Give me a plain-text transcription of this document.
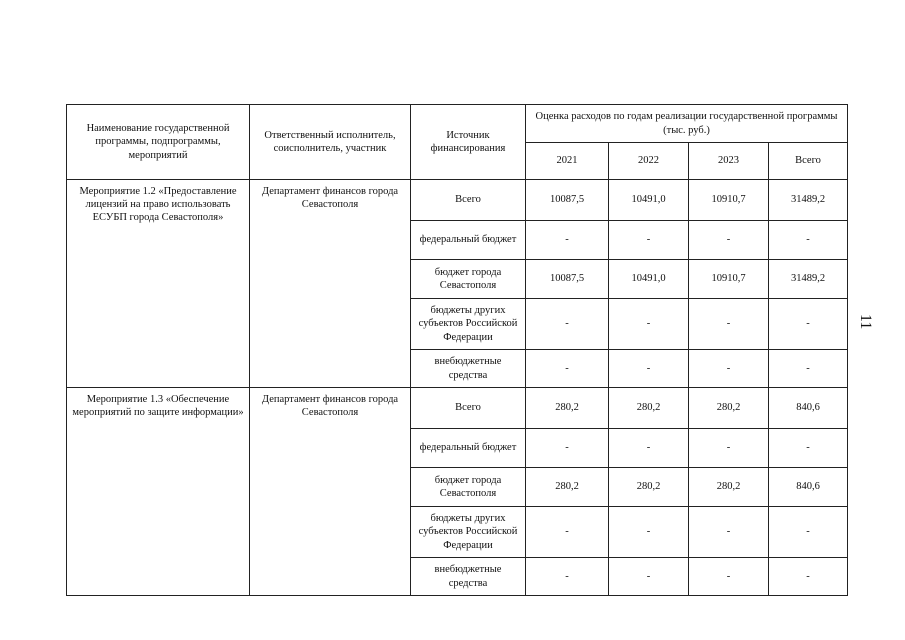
11
Наименование государственной программы, подпрограммы, мероприятий	Ответственный исполнитель, соисполнитель, участник	Источник финансирования	Оценка расходов по годам реализации государственной программы (тыс. руб.)			
			2021	2022	2023	Всего
Мероприятие 1.2 «Предоставление лицензий на право использовать ЕСУБП города Севастополя»	Департамент финансов города Севастополя	Всего	10087,5	10491,0	10910,7	31489,2
		федеральный бюджет	-	-	-	-
		бюджет города Севастополя	10087,5	10491,0	10910,7	31489,2
		бюджеты других субъектов Российской Федерации	-	-	-	-
		внебюджетные средства	-	-	-	-
Мероприятие 1.3 «Обеспечение мероприятий по защите информации»	Департамент финансов города Севастополя	Всего	280,2	280,2	280,2	840,6
		федеральный бюджет	-	-	-	-
		бюджет города Севастополя	280,2	280,2	280,2	840,6
		бюджеты других субъектов Российской Федерации	-	-	-	-
		внебюджетные средства	-	-	-	-
